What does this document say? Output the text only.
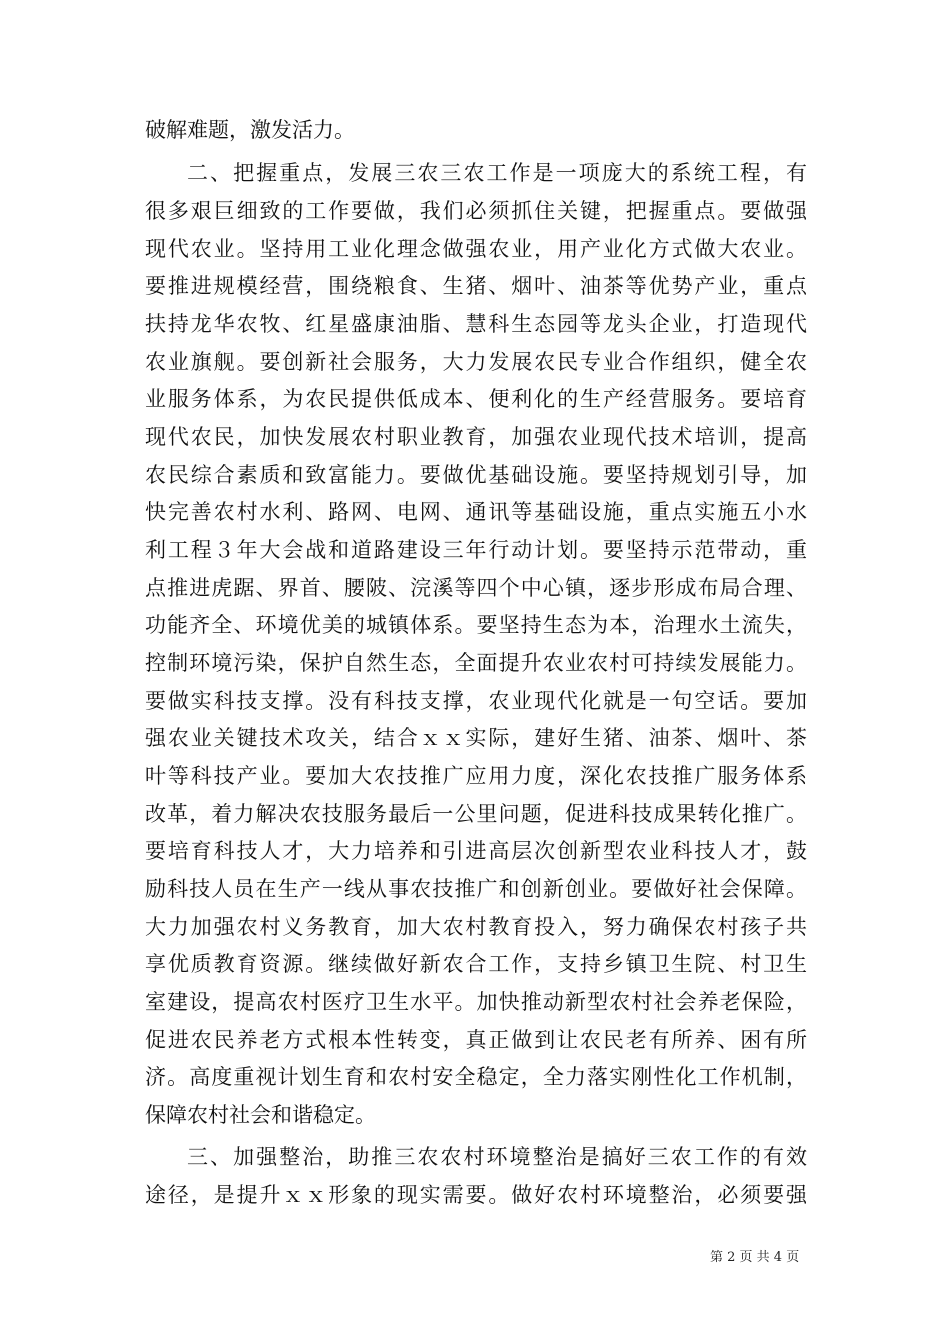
破解难题，激发活力。
二、把握重点，发展三农三农工作是一项庞大的系统工程，有
很多艰巨细致的工作要做，我们必须抓住关键，把握重点。要做强
现代农业。坚持用工业化理念做强农业，用产业化方式做大农业。
要推进规模经营，围绕粮食、生猪、烟叶、油茶等优势产业，重点
扶持龙华农牧、红星盛康油脂、慧科生态园等龙头企业，打造现代
农业旗舰。要创新社会服务，大力发展农民专业合作组织，健全农
业服务体系，为农民提供低成本、便利化的生产经营服务。要培育
现代农民，加快发展农村职业教育，加强农业现代技术培训，提高
农民综合素质和致富能力。要做优基础设施。要坚持规划引导，加
快完善农村水利、路网、电网、通讯等基础设施，重点实施五小水
利工程３年大会战和道路建设三年行动计划。要坚持示范带动，重
点推进虎踞、界首、腰陂、浣溪等四个中心镇，逐步形成布局合理、
功能齐全、环境优美的城镇体系。要坚持生态为本，治理水土流失，
控制环境污染，保护自然生态，全面提升农业农村可持续发展能力。
要做实科技支撑。没有科技支撑，农业现代化就是一句空话。要加
强农业关键技术攻关，结合ｘｘ实际，建好生猪、油茶、烟叶、茶
叶等科技产业。要加大农技推广应用力度，深化农技推广服务体系
改革，着力解决农技服务最后一公里问题，促进科技成果转化推广。
要培育科技人才，大力培养和引进高层次创新型农业科技人才，鼓
励科技人员在生产一线从事农技推广和创新创业。要做好社会保障。
大力加强农村义务教育，加大农村教育投入，努力确保农村孩子共
享优质教育资源。继续做好新农合工作，支持乡镇卫生院、村卫生
室建设，提高农村医疗卫生水平。加快推动新型农村社会养老保险，
促进农民养老方式根本性转变，真正做到让农民老有所养、困有所
济。高度重视计划生育和农村安全稳定，全力落实刚性化工作机制，
保障农村社会和谐稳定。
三、加强整治，助推三农农村环境整治是搞好三农工作的有效
途径，是提升ｘｘ形象的现实需要。做好农村环境整治，必须要强
第 2 页 共 4 页
